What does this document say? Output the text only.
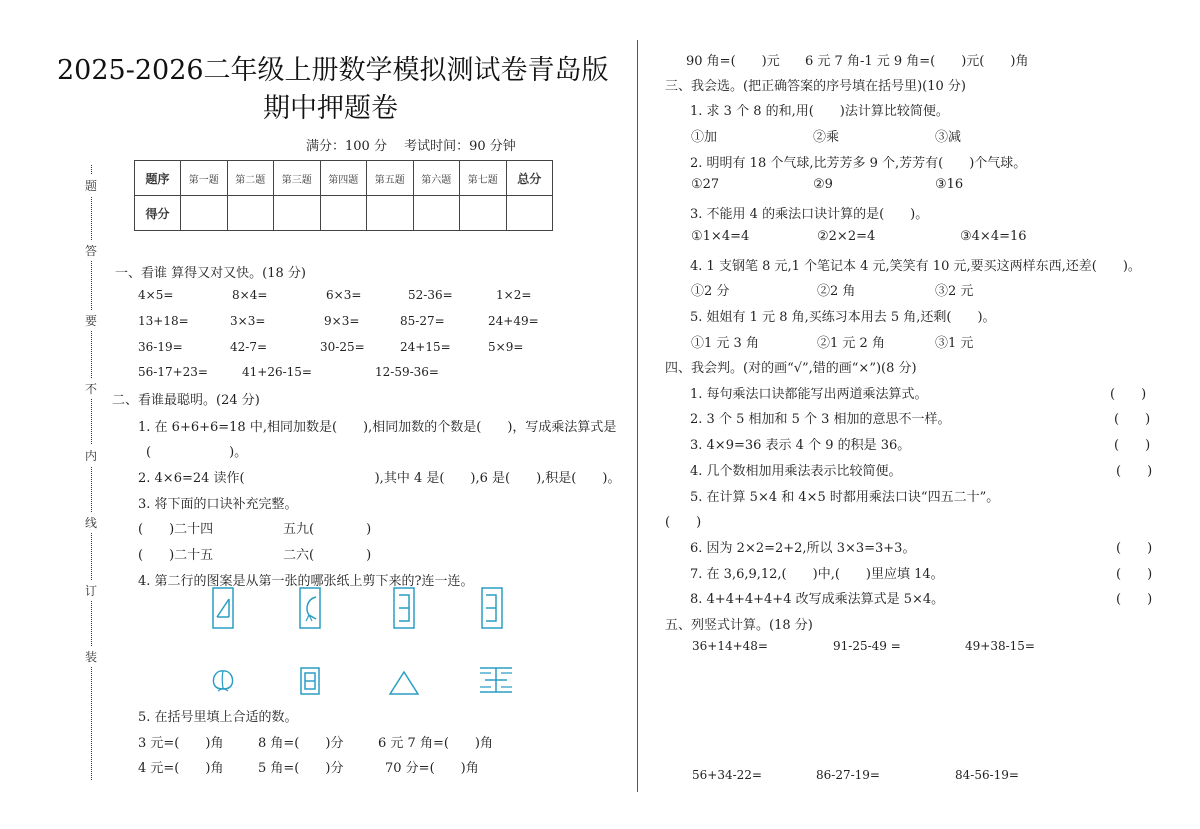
题
答
要
不
内
线
订
装
2025-2026二年级上册数学模拟测试卷青岛版
期中押题卷
满分：100 分　 考试时间：90 分钟
题序	第一题	第二题	第三题	第四题	第五题	第六题	第七题	总分
得分								
一、看谁 算得又对又快。(18 分)
4×5=	8×4=	6×3=	52-36=	1×2=
13+18=	3×3=	9×3=	85-27=	24+49=
36-19=	42-7=	30-25=	24+15=	5×9=
56-17+23=	41+26-15=	12-59-36=
二、看谁最聪明。(24 分)
1. 在 6+6+6=18 中,相同加数是(　　),相同加数的个数是(　　)，写成乘法算式是
(　　　　　　)。
2. 4×6=24 读作(　　　　　　　　　　),其中 4 是(　　),6 是(　　),积是(　　)。
3. 将下面的口诀补充完整。
(　　)二十四	五九(　　　　)
(　　)二十五	二六(　　　　)
4. 第二行的图案是从第一张的哪张纸上剪下来的?连一连。
5. 在括号里填上合适的数。
3 元=(　　)角	8 角=(　　)分	6 元 7 角=(　　)角
4 元=(　　)角	5 角=(　　)分	70 分=(　　)角
90 角=(　　)元 6 元 7 角-1 元 9 角=(　　)元(　　)角
三、我会选。(把正确答案的序号填在括号里)(10 分)
1. 求 3 个 8 的和,用(　　)法计算比较简便。
①加	②乘	③减
2. 明明有 18 个气球,比芳芳多 9 个,芳芳有(　　)个气球。
①27	②9	③16
3. 不能用 4 的乘法口诀计算的是(　　)。
①1×4=4	②2×2=4	③4×4=16
4. 1 支钢笔 8 元,1 个笔记本 4 元,笑笑有 10 元,要买这两样东西,还差(　　)。
①2 分	②2 角	③2 元
5. 姐姐有 1 元 8 角,买练习本用去 5 角,还剩(　　)。
①1 元 3 角	②1 元 2 角	③1 元
四、我会判。(对的画“√”,错的画“×”)(8 分)
1. 每句乘法口诀都能写出两道乘法算式。	(　　)
2. 3 个 5 相加和 5 个 3 相加的意思不一样。	(　　)
3. 4×9=36 表示 4 个 9 的积是 36。	(　　)
4. 几个数相加用乘法表示比较简便。	(　　)
5. 在计算 5×4 和 4×5 时都用乘法口诀“四五二十”。
(　　)
6. 因为 2×2=2+2,所以 3×3=3+3。	(　　)
7. 在 3,6,9,12,(　　)中,(　　)里应填 14。	(　　)
8. 4+4+4+4+4 改写成乘法算式是 5×4。	(　　)
五、列竖式计算。(18 分)
36+14+48=	91-25-49 =	49+38-15=
56+34-22=	86-27-19=	84-56-19=
